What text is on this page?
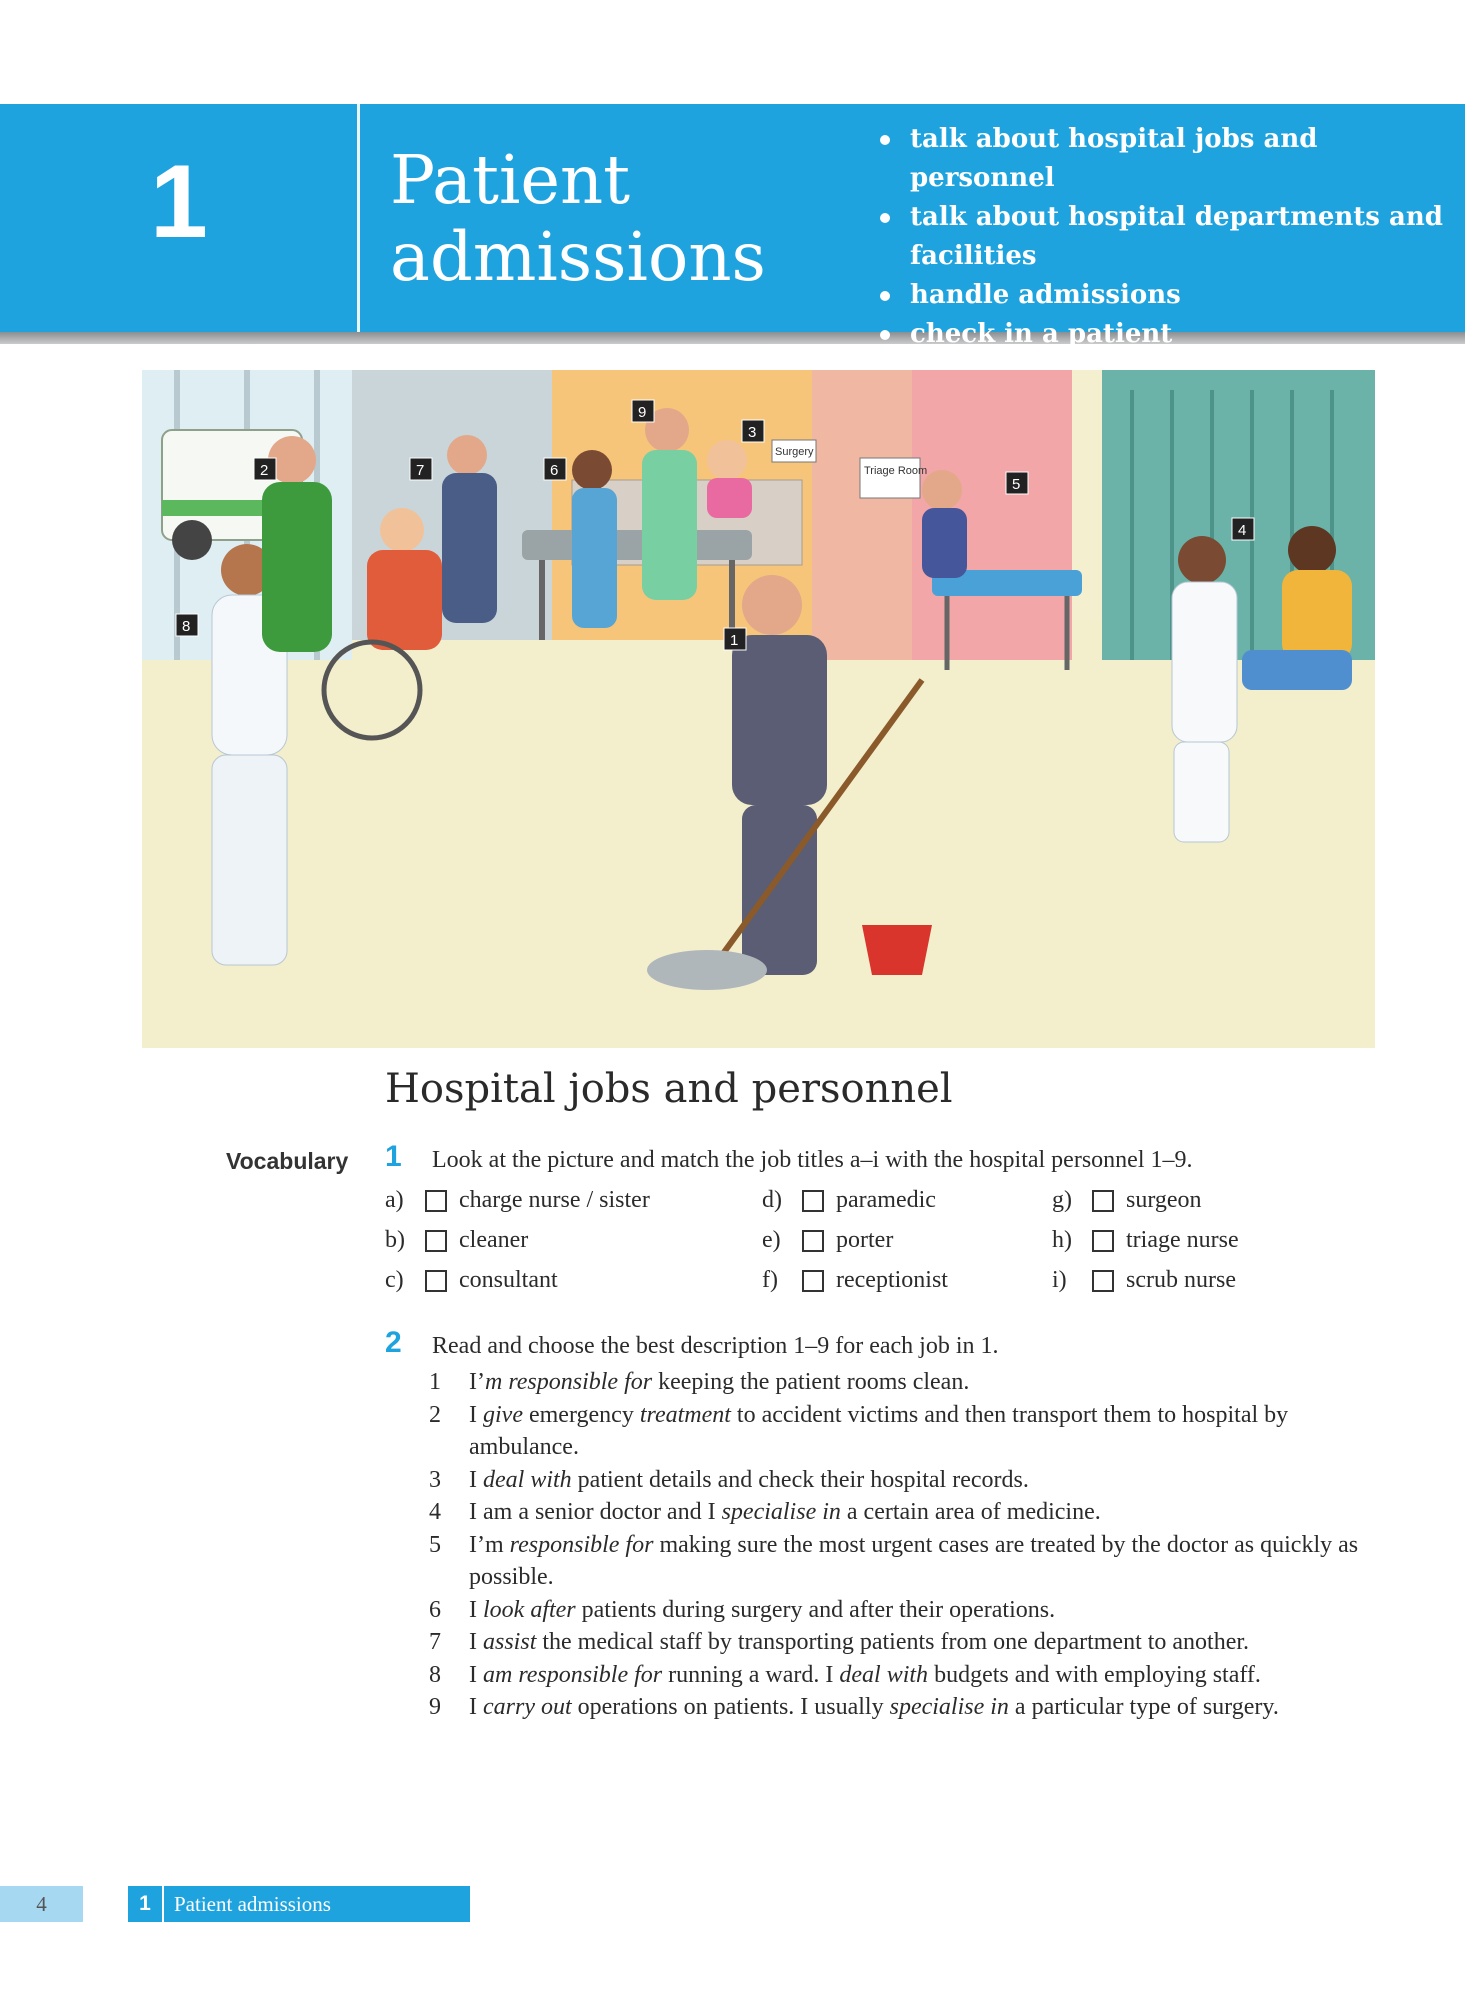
1	Patient admissions
talk about hospital jobs and personnel
talk about hospital departments and facilities
handle admissions
check in a patient
Surgery
Triage Room
9
3
2	7	6
5
4
8
1
Hospital jobs and personnel
Vocabulary 1 Look at the picture and match the job titles a–i with the hospital personnel 1–9.
a)	charge nurse / sister
b)	cleaner
c)	consultant
d)	paramedic
e)	porter
f)	receptionist
g)	surgeon
h)	triage nurse
i)	scrub nurse
2 Read and choose the best description 1–9 for each job in 1.
1 I’m responsible for keeping the patient rooms clean.
2 I give emergency treatment to accident victims and then transport them to hospital by ambulance.
3 I deal with patient details and check their hospital records.
4 I am a senior doctor and I specialise in a certain area of medicine.
5 I’m responsible for making sure the most urgent cases are treated by the doctor as quickly as possible.
6 I look after patients during surgery and after their operations.
7 I assist the medical staff by transporting patients from one department to another.
8 I am responsible for running a ward. I deal with budgets and with employing staff.
9 I carry out operations on patients. I usually specialise in a particular type of surgery.
4	1	Patient admissions
